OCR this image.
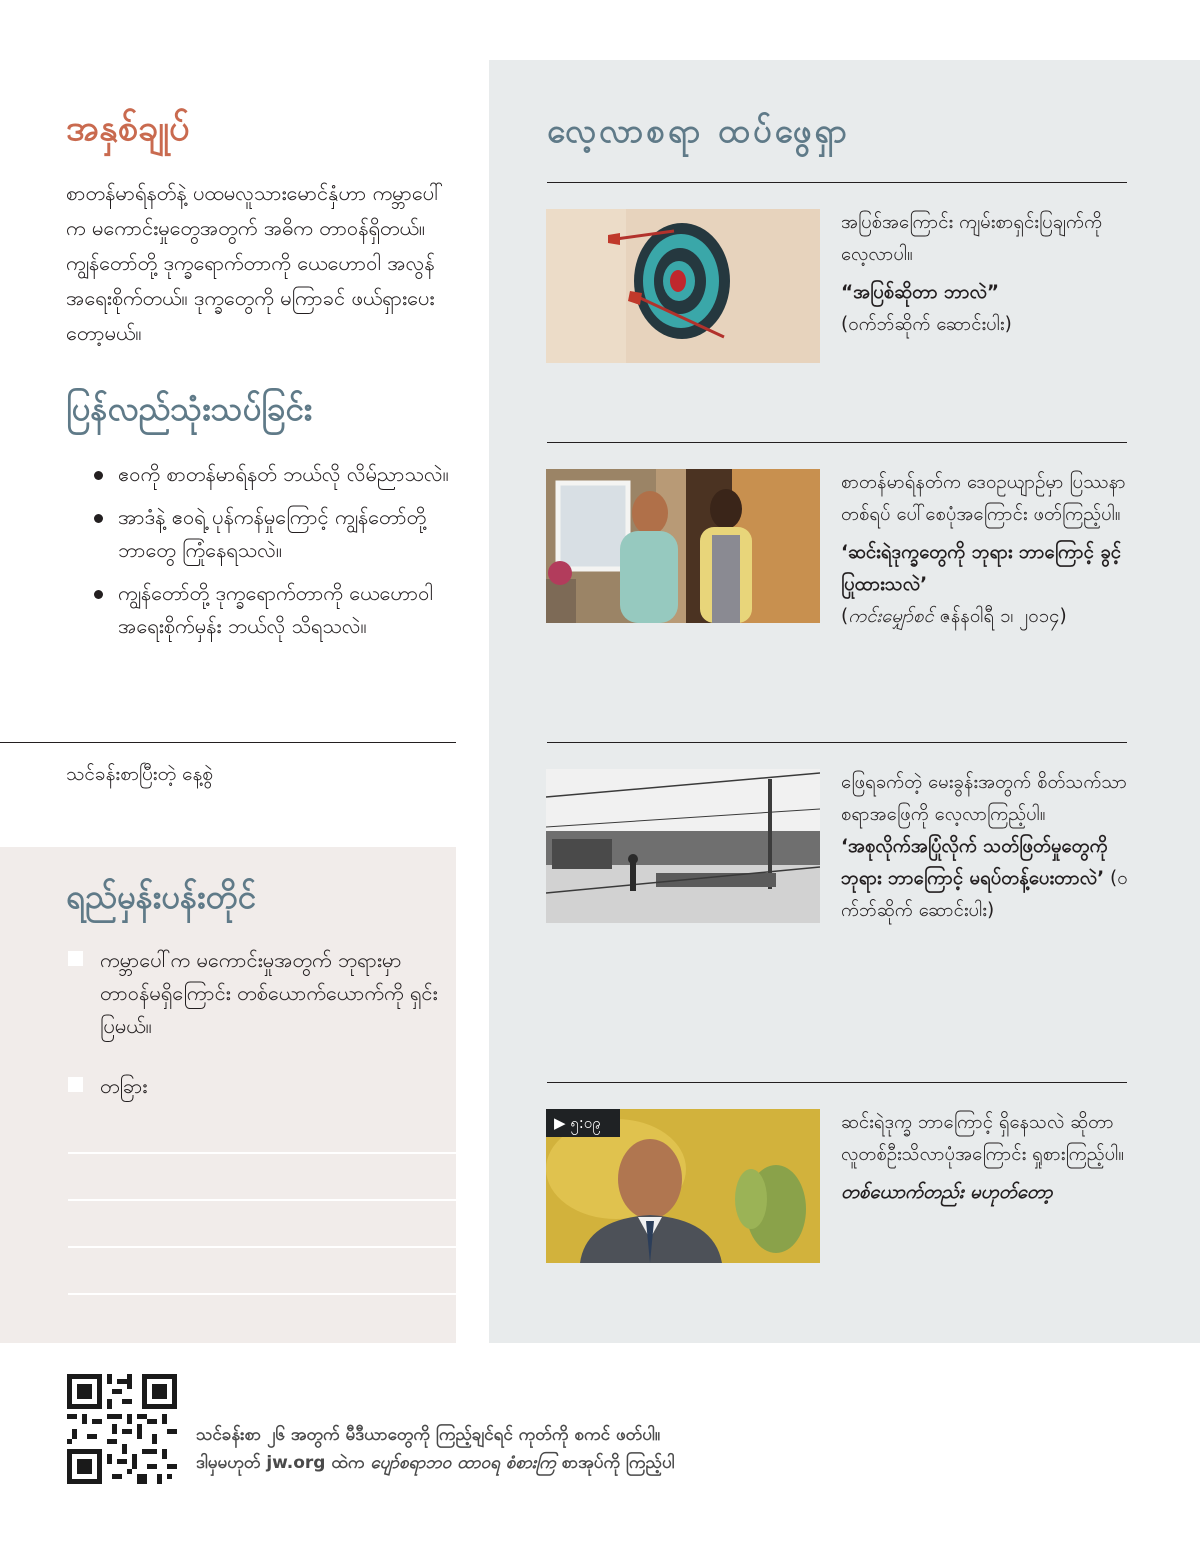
အနှစ်ချုပ်

စာတန်မာရ်နတ်နဲ့ ပထမလူသားမောင်နှံဟာ ကမ္ဘာပေါ်က မကောင်းမှုတွေအတွက် အဓိက တာဝန်ရှိတယ်။ ကျွန်တော်တို့ ဒုက္ခရောက်တာကို ယေဟောဝါ အလွန် အရေးစိုက်တယ်။ ဒုက္ခတွေကို မကြာခင် ဖယ်ရှားပေးတော့မယ်။

ပြန်လည်သုံးသပ်ခြင်း
ဧဝကို စာတန်မာရ်နတ် ဘယ်လို လိမ်ညာသလဲ။
အာဒံနဲ့ ဧဝရဲ့ ပုန်ကန်မှုကြောင့် ကျွန်တော်တို့ ဘာတွေ ကြုံနေရသလဲ။
ကျွန်တော်တို့ ဒုက္ခရောက်တာကို ယေဟောဝါ အရေးစိုက်မှန်း ဘယ်လို သိရသလဲ။
သင်ခန်းစာပြီးတဲ့ နေ့စွဲ
ရည်မှန်းပန်းတိုင်
ကမ္ဘာပေါ်က မကောင်းမှုအတွက် ဘုရားမှာ တာဝန်မရှိကြောင်း တစ်ယောက်ယောက်ကို ရှင်းပြမယ်။
တခြား
လေ့လာစရာ ထပ်ဖွေရှာ

အပြစ်အကြောင်း ကျမ်းစာရှင်းပြချက်ကို လေ့လာပါ။

“အပြစ်ဆိုတာ ဘာလဲ”

(ဝက်ဘ်ဆိုက် ဆောင်းပါး)

စာတန်မာရ်နတ်က ဒေဝဥယျာဉ်မှာ ပြဿနာတစ်ရပ် ပေါ်စေပုံအကြောင်း ဖတ်ကြည့်ပါ။

‘ဆင်းရဲဒုက္ခတွေကို ဘုရား ဘာကြောင့် ခွင့်ပြုထားသလဲ’

(ကင်းမျှော်စင် ဇန်နဝါရီ ၁၊ ၂၀၁၄)

ဖြေရခက်တဲ့ မေးခွန်းအတွက် စိတ်သက်သာစရာအဖြေကို လေ့လာကြည့်ပါ။

‘အစုလိုက်အပြုံလိုက် သတ်ဖြတ်မှုတွေကို ဘုရား ဘာကြောင့် မရပ်တန့်ပေးတာလဲ’ (ဝက်ဘ်ဆိုက် ဆောင်းပါး)

▶ ၅:၀၉	ဆင်းရဲဒုက္ခ ဘာကြောင့် ရှိနေသလဲ ဆိုတာ လူတစ်ဦးသိလာပုံအကြောင်း ရှုစားကြည့်ပါ။

တစ်ယောက်တည်း မဟုတ်တော့

သင်ခန်းစာ ၂၆ အတွက် မီဒီယာတွေကို ကြည့်ချင်ရင် ကုတ်ကို စကင် ဖတ်ပါ။
ဒါမှမဟုတ် jw.org ထဲက ပျော်စရာဘဝ ထာဝရ စံစားကြ စာအုပ်ကို ကြည့်ပါ
